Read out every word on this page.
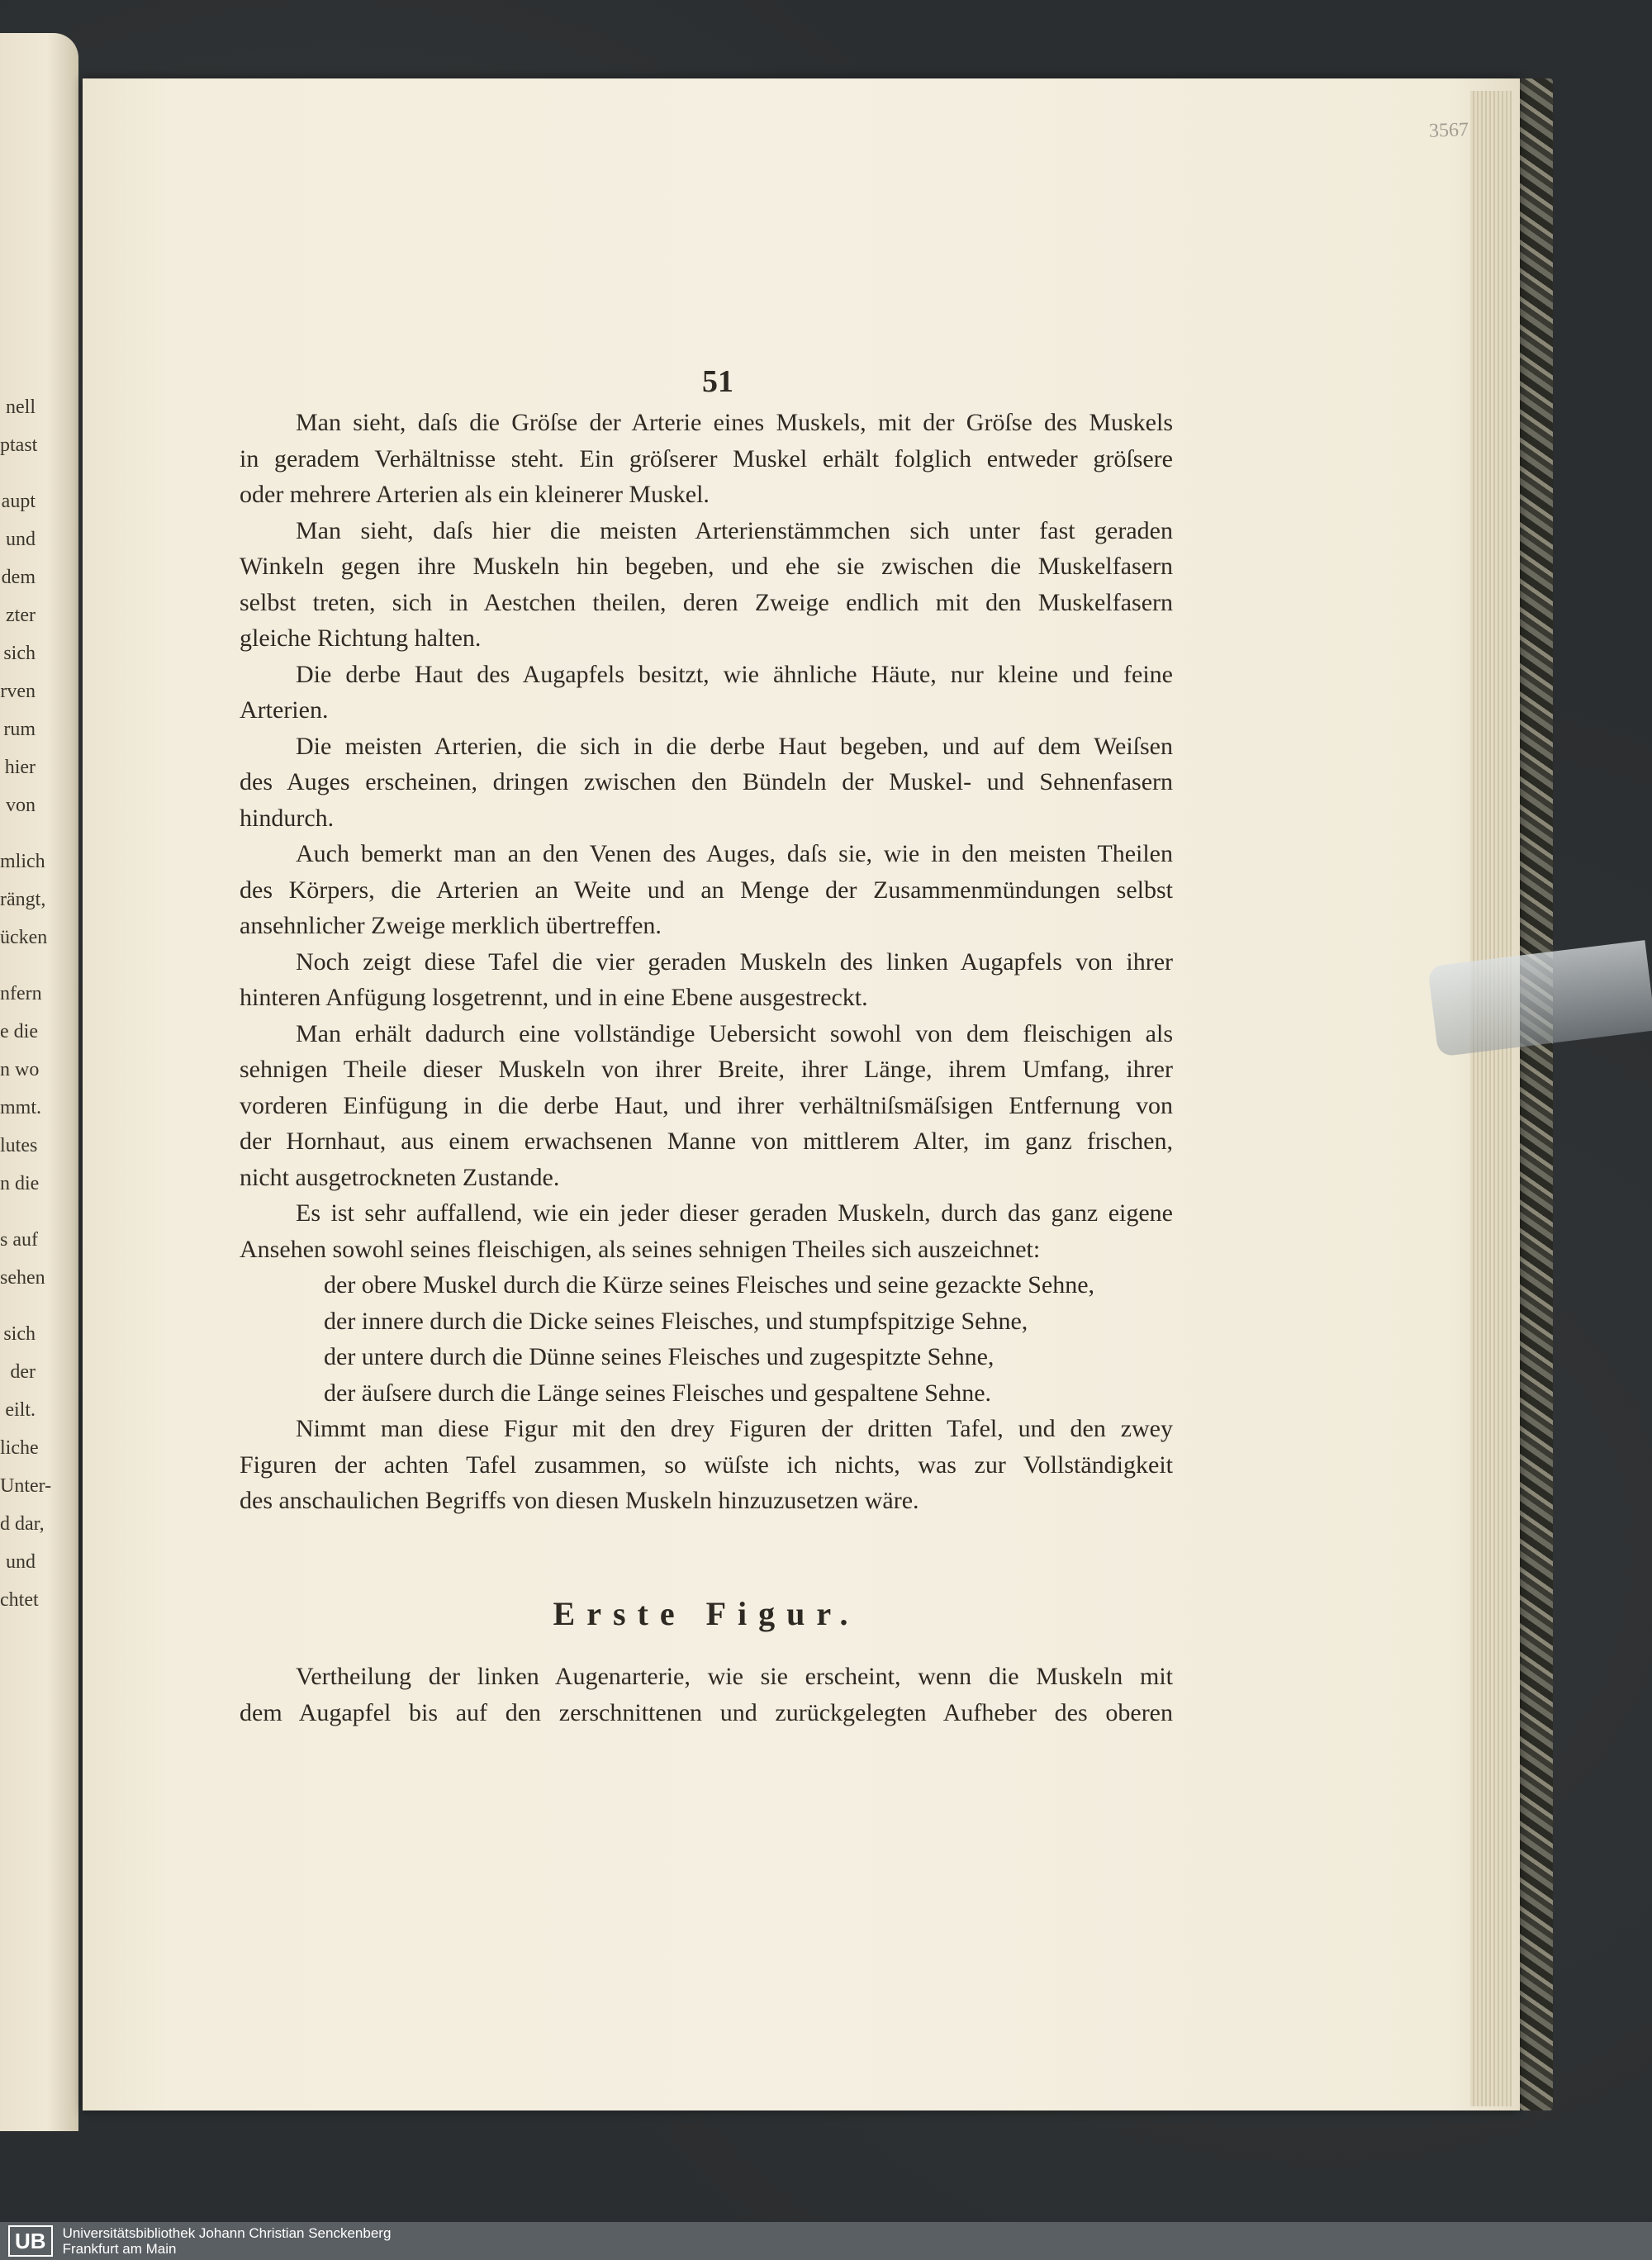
nell
ptast
aupt
und
dem
zter
sich
rven
rum
hier
von
mlich
rängt,
ücken
nfern
e die
n wo
mmt.
lutes
n die
s auf
sehen
sich
der
eilt.
liche
Unter-
d dar,
und
chtet
3567
51
Man sieht, daſs die Gröſse der Arterie eines Muskels, mit der Gröſse des Muskels
in geradem Verhältnisse steht. Ein gröſserer Muskel erhält folglich entweder gröſsere
oder mehrere Arterien als ein kleinerer Muskel.
Man sieht, daſs hier die meisten Arterienstämmchen sich unter fast geraden
Winkeln gegen ihre Muskeln hin begeben, und ehe sie zwischen die Muskelfasern
selbst treten, sich in Aestchen theilen, deren Zweige endlich mit den Muskelfasern
gleiche Richtung halten.
Die derbe Haut des Augapfels besitzt, wie ähnliche Häute, nur kleine und feine
Arterien.
Die meisten Arterien, die sich in die derbe Haut begeben, und auf dem Weiſsen
des Auges erscheinen, dringen zwischen den Bündeln der Muskel- und Sehnenfasern
hindurch.
Auch bemerkt man an den Venen des Auges, daſs sie, wie in den meisten Theilen
des Körpers, die Arterien an Weite und an Menge der Zusammenmündungen selbst
ansehnlicher Zweige merklich übertreffen.
Noch zeigt diese Tafel die vier geraden Muskeln des linken Augapfels von ihrer
hinteren Anfügung losgetrennt, und in eine Ebene ausgestreckt.
Man erhält dadurch eine vollständige Uebersicht sowohl von dem fleischigen als
sehnigen Theile dieser Muskeln von ihrer Breite, ihrer Länge, ihrem Umfang, ihrer
vorderen Einfügung in die derbe Haut, und ihrer verhältniſsmäſsigen Entfernung von
der Hornhaut, aus einem erwachsenen Manne von mittlerem Alter, im ganz frischen,
nicht ausgetrockneten Zustande.
Es ist sehr auffallend, wie ein jeder dieser geraden Muskeln, durch das ganz eigene
Ansehen sowohl seines fleischigen, als seines sehnigen Theiles sich auszeichnet:
der obere Muskel durch die Kürze seines Fleisches und seine gezackte Sehne,
der innere durch die Dicke seines Fleisches, und stumpfspitzige Sehne,
der untere durch die Dünne seines Fleisches und zugespitzte Sehne,
der äuſsere durch die Länge seines Fleisches und gespaltene Sehne.
Nimmt man diese Figur mit den drey Figuren der dritten Tafel, und den zwey
Figuren der achten Tafel zusammen, so wüſste ich nichts, was zur Vollständigkeit
des anschaulichen Begriffs von diesen Muskeln hinzuzusetzen wäre.
Erste Figur.
Vertheilung der linken Augenarterie, wie sie erscheint, wenn die Muskeln mit
dem Augapfel bis auf den zerschnittenen und zurückgelegten Aufheber des oberen
UB	Universitätsbibliothek Johann Christian Senckenberg
Frankfurt am Main
